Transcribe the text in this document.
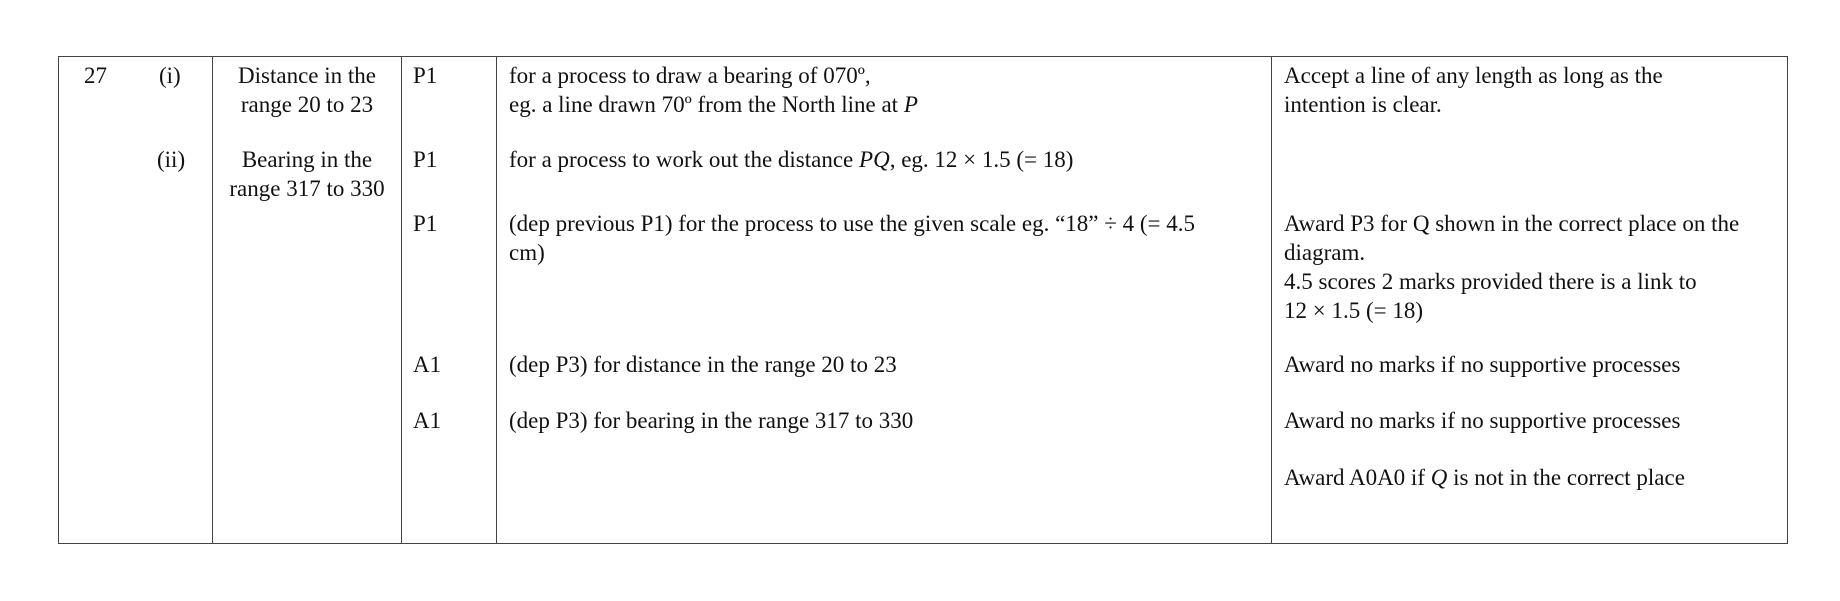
27 (i)
(ii)
Distance in the
range 20 to 23
Bearing in the
range 317 to 330
P1
P1
P1
A1
A1
for a process to draw a bearing of 070º,
eg. a line drawn 70º from the North line at P
for a process to work out the distance PQ, eg. 12 × 1.5 (= 18)
(dep previous P1) for the process to use the given scale eg. “18” ÷ 4 (= 4.5
cm)
(dep P3) for distance in the range 20 to 23
(dep P3) for bearing in the range 317 to 330
Accept a line of any length as long as the
intention is clear.
Award P3 for Q shown in the correct place on the
diagram.
4.5 scores 2 marks provided there is a link to
12 × 1.5 (= 18)
Award no marks if no supportive processes
Award no marks if no supportive processes
Award A0A0 if Q is not in the correct place
